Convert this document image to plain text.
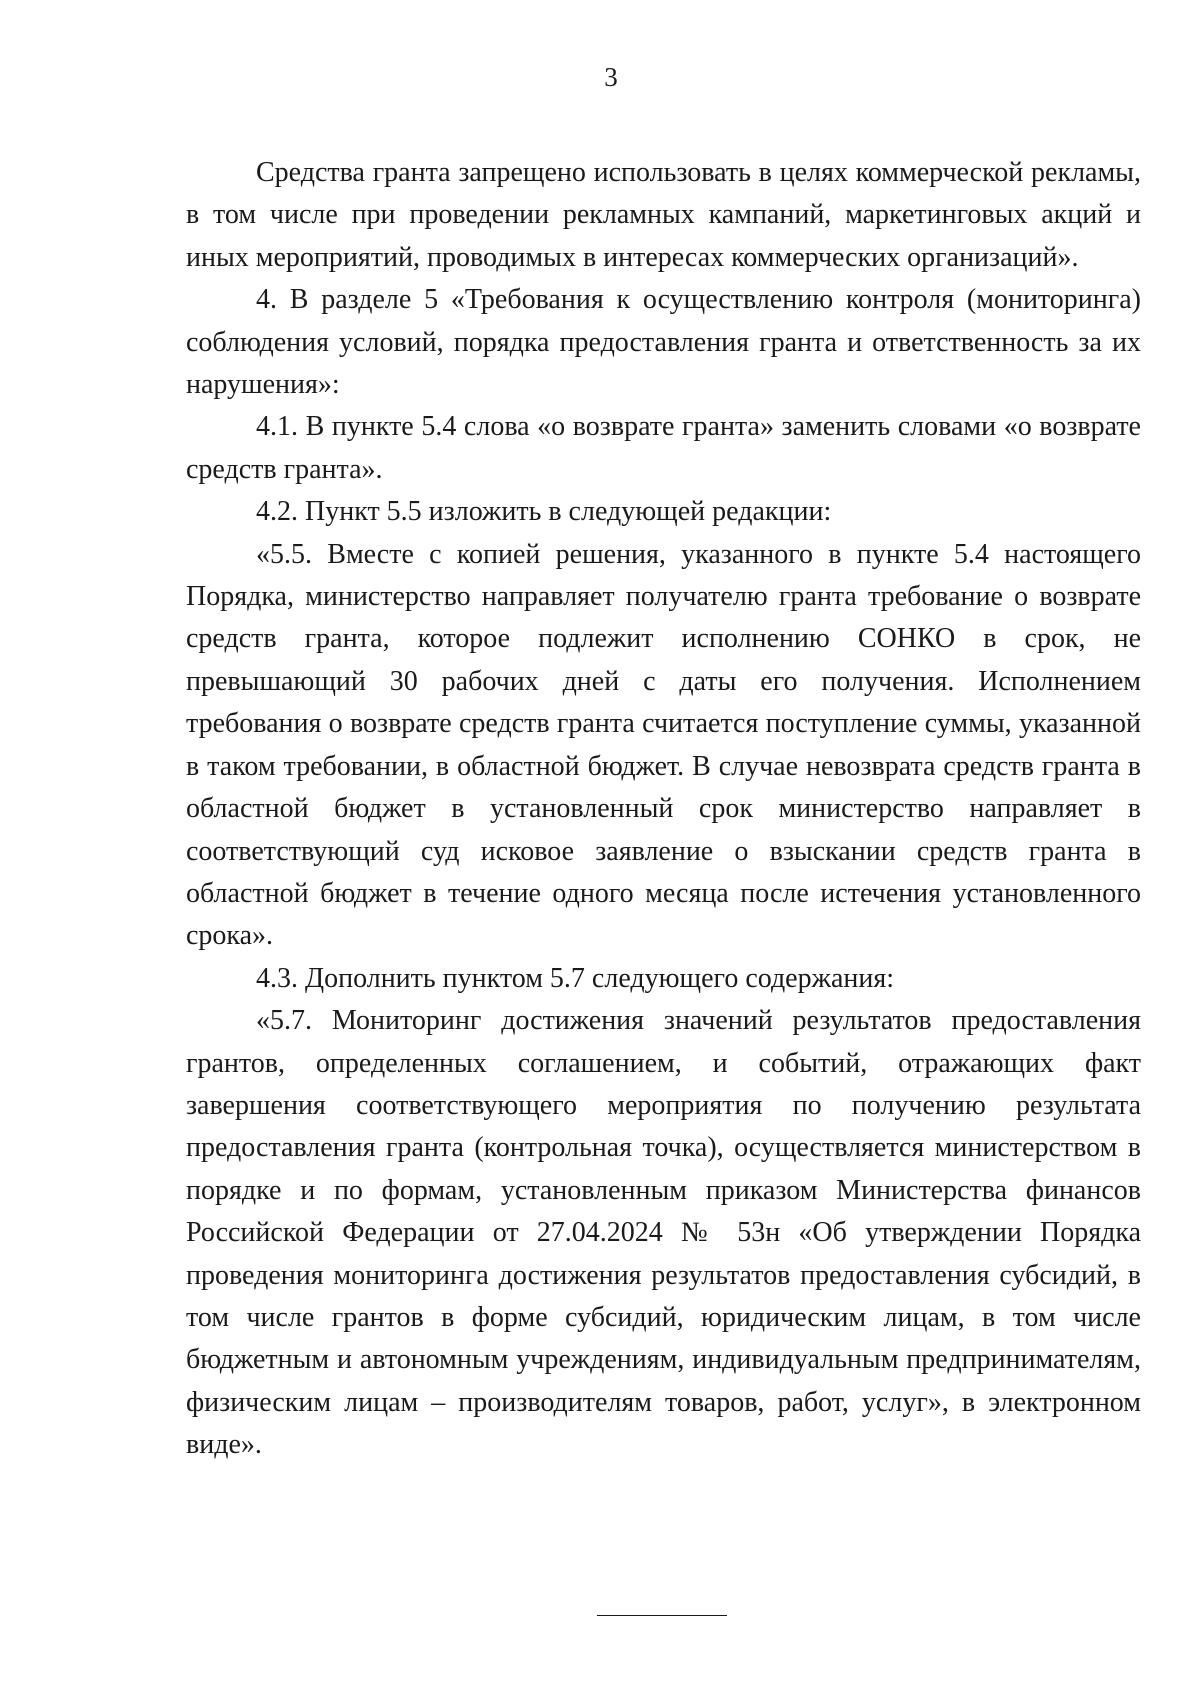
3

Средства гранта запрещено использовать в целях коммерческой рекламы, в том числе при проведении рекламных кампаний, маркетинговых акций и иных мероприятий, проводимых в интересах коммерческих организаций».

4. В разделе 5 «Требования к осуществлению контроля (мониторинга) соблюдения условий, порядка предоставления гранта и ответственность за их нарушения»:

4.1. В пункте 5.4 слова «о возврате гранта» заменить словами «о возврате средств гранта».

4.2. Пункт 5.5 изложить в следующей редакции:

«5.5. Вместе с копией решения, указанного в пункте 5.4 настоящего Порядка, министерство направляет получателю гранта требование о возврате средств гранта, которое подлежит исполнению СОНКО в срок, не превышающий 30 рабочих дней с даты его получения. Исполнением требования о возврате средств гранта считается поступление суммы, указанной в таком требовании, в областной бюджет. В случае невозврата средств гранта в областной бюджет в установленный срок министерство направляет в соответствующий суд исковое заявление о взыскании средств гранта в областной бюджет в течение одного месяца после истечения установленного срока».

4.3. Дополнить пунктом 5.7 следующего содержания:

«5.7. Мониторинг достижения значений результатов предоставления грантов, определенных соглашением, и событий, отражающих факт завершения соответствующего мероприятия по получению результата предоставления гранта (контрольная точка), осуществляется министерством в порядке и по формам, установленным приказом Министерства финансов Российской Федерации от 27.04.2024 № 53н «Об утверждении Порядка проведения мониторинга достижения результатов предоставления субсидий, в том числе грантов в форме субсидий, юридическим лицам, в том числе бюджетным и автономным учреждениям, индивидуальным предпринимателям, физическим лицам – производителям товаров, работ, услуг», в электронном виде».
